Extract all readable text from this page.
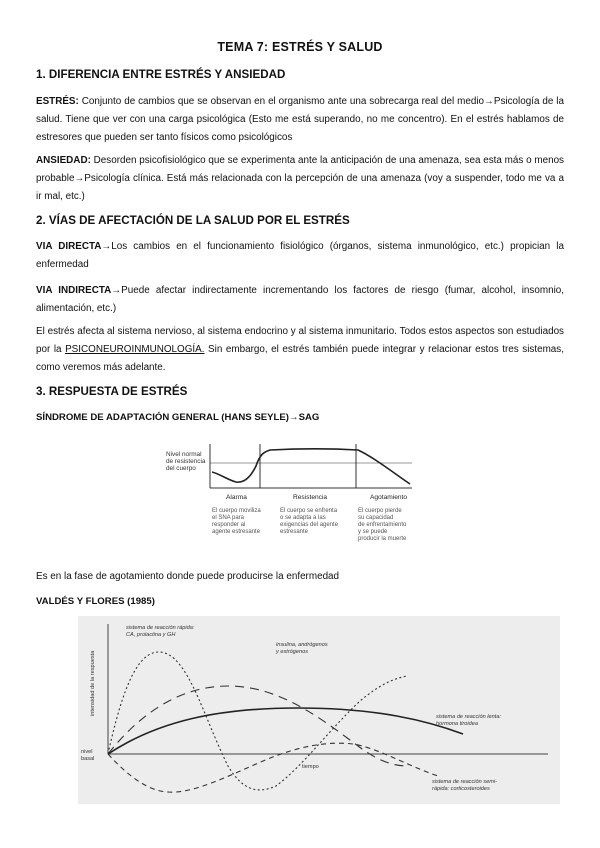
TEMA 7: ESTRÉS Y SALUD
1. DIFERENCIA ENTRE ESTRÉS Y ANSIEDAD
ESTRÉS: Conjunto de cambios que se observan en el organismo ante una sobrecarga real del medio→Psicología de la salud. Tiene que ver con una carga psicológica (Esto me está superando, no me concentro). En el estrés hablamos de estresores que pueden ser tanto físicos como psicológicos
ANSIEDAD: Desorden psicofisiológico que se experimenta ante la anticipación de una amenaza, sea esta más o menos probable→Psicología clínica. Está más relacionada con la percepción de una amenaza (voy a suspender, todo me va a ir mal, etc.)
2. VÍAS DE AFECTACIÓN DE LA SALUD POR EL ESTRÉS
VIA DIRECTA→Los cambios en el funcionamiento fisiológico (órganos, sistema inmunológico, etc.) propician la enfermedad
VIA INDIRECTA→Puede afectar indirectamente incrementando los factores de riesgo (fumar, alcohol, insomnio, alimentación, etc.)
El estrés afecta al sistema nervioso, al sistema endocrino y al sistema inmunitario. Todos estos aspectos son estudiados por la PSICONEUROINMUNOLOGÍA. Sin embargo, el estrés también puede integrar y relacionar estos tres sistemas, como veremos más adelante.
3. RESPUESTA DE ESTRÉS
SÍNDROME DE ADAPTACIÓN GENERAL (HANS SEYLE)→SAG
Nivel normal
de resistencia
del cuerpo
Alarma	Resistencia	Agotamiento
El cuerpo moviliza
el SNA para
responder al
agente estresante
El cuerpo se enfrenta
o se adapta a las
exigencias del agente
estresante
El cuerpo pierde
su capacidad
de enfrentamiento
y se puede
producir la muerte
Es en la fase de agotamiento donde puede producirse la enfermedad
VALDÉS Y FLORES (1985)
intensidad de la respuesta
nivel
basal
tiempo
sistema de reacción rápida:
CA, prolactina y GH
insulina, andrógenos
y estrógenos
sistema de reacción lenta:
hormona tiroidea
sistema de reacción semi-
rápida: corticosteroides
